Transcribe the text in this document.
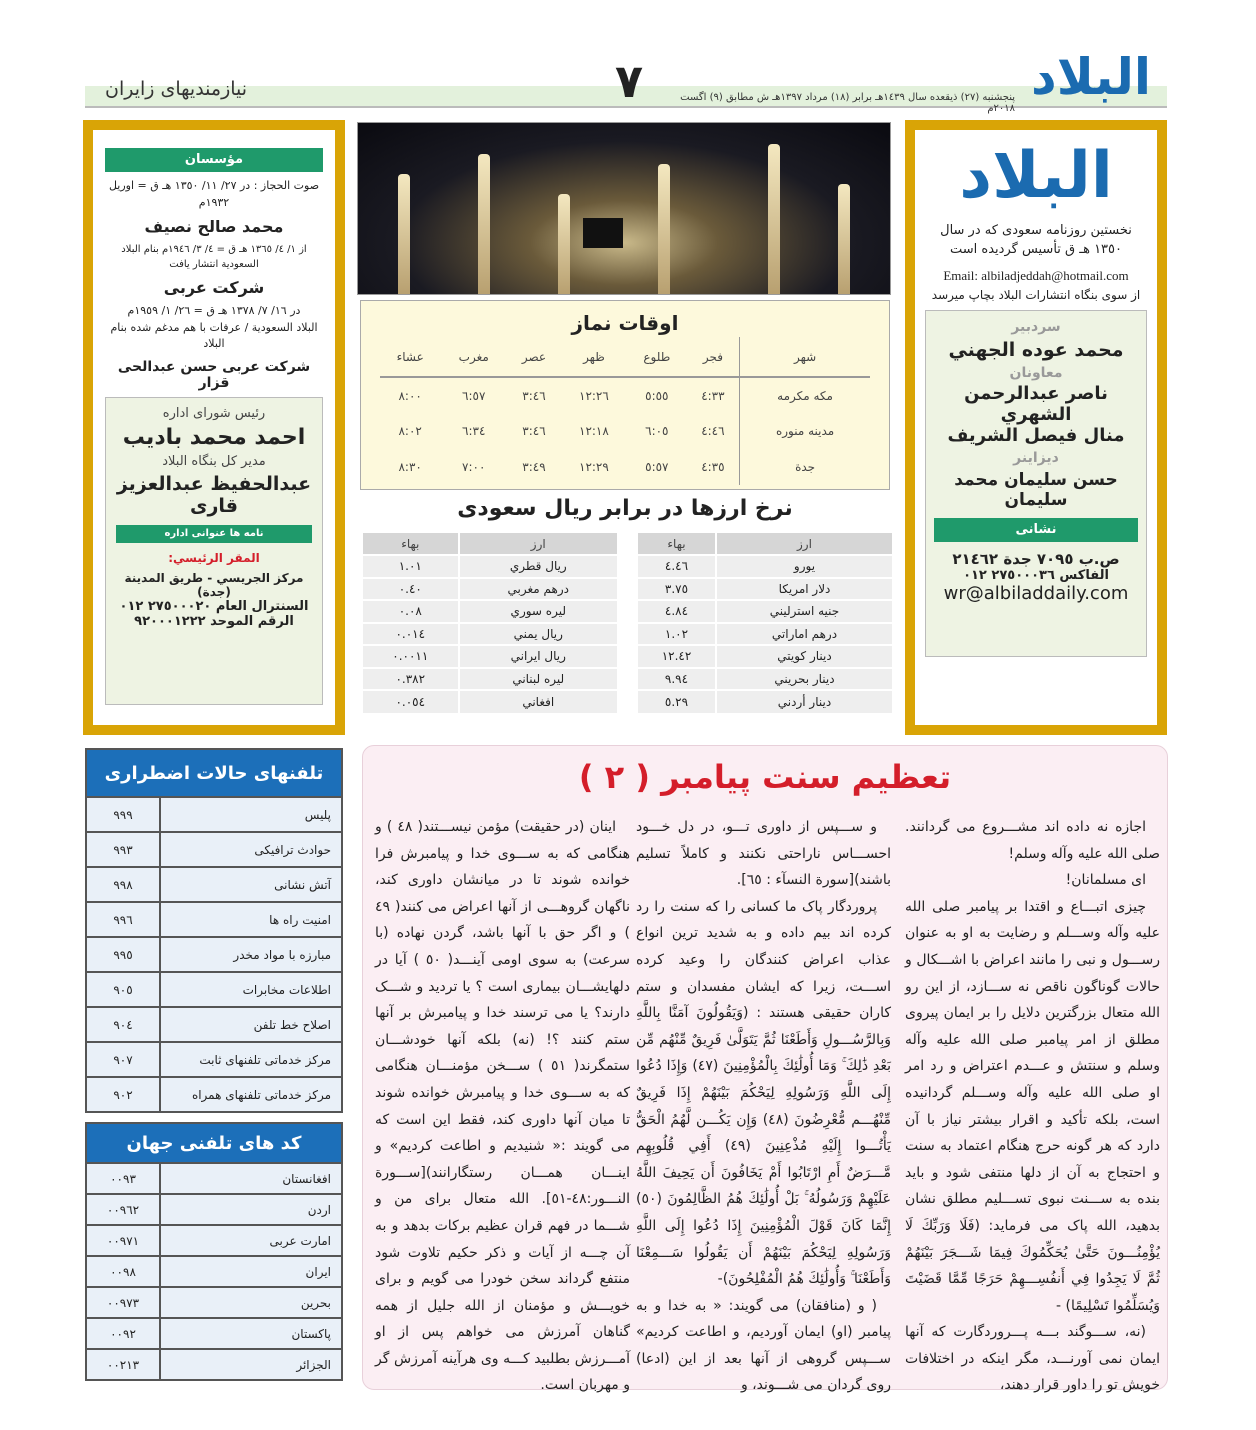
البلاد
پنجشنبه (٢٧) ذیقعده سال ١٤٣٩هـ برابر (١٨) مرداد ١٣٩٧هـ ش مطابق (٩) اگست ٢٠١٨م
٧
نیازمندیهای زایران
مؤسسان
صوت الحجاز : در ٢٧/ ١١/ ١٣٥٠ هـ ق = اوریل ١٩٣٢م
محمد صالح نصيف
از ١/ ٤/ ١٣٦٥ هـ ق = ٤/ ٣/ ١٩٤٦م بنام البلاد السعودية انتشار یافت
شرکت عربی
در ١٦/ ٧/ ١٣٧٨ هـ ق = ٢٦/ ١/ ١٩٥٩م
البلاد السعودية / عرفات با هم مدغم شده بنام البلاد
شرکت عربی حسن عبدالحی قزار
رئیس شورای اداره
احمد محمد باديب
مدیر کل بنگاه البلاد
عبدالحفيظ عبدالعزيز قارى
نامه ها عنوانی اداره
المقر الرئيسي:
مركز الجريسي - طريق المدينة (جدة)
السنترال العام ٢٧٥٠٠٠٢٠ ٠١٢
الرقم الموحد ٩٢٠٠٠١٢٢٢
اوقات نماز
شهر	فجر	طلوع	ظهر	عصر	مغرب	عشاء
مکه مکرمه	٤:٣٣	٥:٥٥	١٢:٢٦	٣:٤٦	٦:٥٧	٨:٠٠
مدینه منوره	٤:٤٦	٦:٠٥	١٢:١٨	٣:٤٦	٦:٣٤	٨:٠٢
جدة	٤:٣٥	٥:٥٧	١٢:٢٩	٣:٤٩	٧:٠٠	٨:٣٠
نرخ ارزها در برابر ریال سعودی
ارز	بهاء
يورو	٤.٤٦
دلار امريكا	٣.٧٥
جنيه استرليني	٤.٨٤
درهم اماراتي	١.٠٢
دينار كويتي	١٢.٤٢
دينار بحريني	٩.٩٤
دينار أردني	٥.٢٩
ارز	بهاء
ريال قطري	١.٠١
درهم مغربي	٠.٤٠
ليره سوري	٠.٠٨
ريال يمني	٠.٠١٤
ريال ايراني	٠.٠٠١١
ليره لبناني	٠.٣٨٢
افغاني	٠.٠٥٤
البلاد
نخستین روزنامه سعودی که در سال
١٣٥٠ هـ ق تأسیس گردیده است
Email: albiladjeddah@hotmail.com
از سوی بنگاه انتشارات البلاد بچاپ میرسد
سردبیر
محمد عوده الجهني
معاونان
ناصر عبدالرحمن الشهري
منال فيصل الشريف
ديزاينر
حسن سليمان محمد سليمان
نشانی
ص.ب ٧٠٩٥ جدة ٢١٤٦٢
الفاكس ٢٧٥٠٠٠٣٦ ٠١٢
wr@albiladdaily.com
تلفنهای حالات اضطراری
پلیس	٩٩٩
حوادث ترافیکی	٩٩٣
آتش نشانی	٩٩٨
امنیت راه ها	٩٩٦
مبارزه با مواد مخدر	٩٩٥
اطلاعات مخابرات	٩٠٥
اصلاح خط تلفن	٩٠٤
مرکز خدماتی تلفنهای ثابت	٩٠٧
مرکز خدماتی تلفنهای همراه	٩٠٢
کد های تلفنی جهان
افغانستان	٠٠٩٣
اردن	٠٠٩٦٢
امارت عربی	٠٠٩٧١
ایران	٠٠٩٨
بحرین	٠٠٩٧٣
پاکستان	٠٠٩٢
الجزائر	٠٠٢١٣
تعظیم سنت پیامبر ( ٢ )

اجازه نه داده اند مشـــروع می گردانند. صلی الله علیه وآله وسلم!

ای مسلمانان!

چیزی اتبـــاع و اقتدا بر پیامبر صلی الله علیه وآله وســـلم و رضایت به او به عنوان رســـول و نبی را مانند اعراض با اشـــکال و حالات گوناگون ناقص نه ســـازد، از این رو الله متعال بزرگترین دلایل را بر ایمان پیروی مطلق از امر پیامبر صلی الله علیه وآله وسلم و سنتش و عـــدم اعتراض و رد امر او صلی الله علیه وآله وســـلم گردانیده است، بلکه تأکید و اقرار بیشتر نیاز با آن دارد که هر گونه حرج هنگام اعتماد به سنت و احتجاج به آن از دلها منتفی شود و باید بنده به ســـنت نبوی تســـلیم مطلق نشان بدهید، الله پاک می فرماید: (فَلَا وَرَبِّكَ لَا يُؤْمِنُـــونَ حَتَّىٰ يُحَكِّمُوكَ فِيمَا شَـــجَرَ بَيْنَهُمْ ثُمَّ لَا يَجِدُوا فِي أَنفُسِـــهِمْ حَرَجًا مِّمَّا قَضَيْتَ وَيُسَلِّمُوا تَسْلِيمًا) -

(نه، ســـوگند بـــه پـــروردگارت که آنها ایمان نمی آورنـــد، مگر اینکه در اختلافات خویش تو را داور قرار دهند،

و ســـپس از داوری تـــو، در دل خـــود احســـاس ناراحتی نکنند و کاملاً تسلیم باشند)[سورة النسآء : ٦٥].

پروردگار پاک ما کسانی را که سنت را رد کرده اند بیم داده و به شدید ترین انواع عذاب اعراض کنندگان را وعید کرده اســـت، زیرا که ایشان مفسدان و ستم کاران حقیقی هستند : (وَيَقُولُونَ آمَنَّا بِاللَّهِ وَبِالرَّسُـــولِ وَأَطَعْنَا ثُمَّ يَتَوَلَّىٰ فَرِيقٌ مِّنْهُم مِّن بَعْدِ ذَٰلِكَ ۚ وَمَا أُولَٰئِكَ بِالْمُؤْمِنِينَ (٤٧) وَإِذَا دُعُوا إِلَى اللَّهِ وَرَسُولِهِ لِيَحْكُمَ بَيْنَهُمْ إِذَا فَرِيقٌ مِّنْهُـــم مُّعْرِضُونَ (٤٨) وَإِن يَكُـــن لَّهُمُ الْحَقُّ يَأْتُـــوا إِلَيْهِ مُذْعِنِينَ (٤٩) أَفِي قُلُوبِهِم مَّـــرَضٌ أَمِ ارْتَابُوا أَمْ يَخَافُونَ أَن يَحِيفَ اللَّهُ عَلَيْهِمْ وَرَسُولُهُ ۚ بَلْ أُولَٰئِكَ هُمُ الظَّالِمُونَ (٥٠) إِنَّمَا كَانَ قَوْلَ الْمُؤْمِنِينَ إِذَا دُعُوا إِلَى اللَّهِ وَرَسُولِهِ لِيَحْكُمَ بَيْنَهُمْ أَن يَقُولُوا سَـــمِعْنَا وَأَطَعْنَا ۚ وَأُولَٰئِكَ هُمُ الْمُفْلِحُونَ)-

( و (منافقان) می گویند: « به خدا و به پیامبر (او) ایمان آوردیم، و اطاعت کردیم» ســـپس گروهی از آنها بعد از این (ادعا) روی گردان می شـــوند، و

اینان (در حقیقت) مؤمن نیســـتند( ٤٨ ) و هنگامی که به ســـوی خدا و پیامبرش فرا خوانده شوند تا در میانشان داوری کند، ناگهان گروهـــی از آنها اعراض می کنند( ٤٩ ) و اگر حق با آنها باشد، گردن نهاده (با سرعت) به سوی اومی آینـــد( ٥٠ ) آیا در دلهایشـــان بیماری است ؟ یا تردید و شـــک دارند؟ یا می ترسند خدا و پیامبرش بر آنها ستم کنند ؟! (نه) بلکه آنها خودشـــان ستمگرند( ٥١ ) ســـخن مؤمنـــان هنگامی که به ســـوی خدا و پیامبرش خوانده شوند تا میان آنها داوری کند، فقط این است که می گویند :« شنیدیم و اطاعت کردیم» و اینـــان همـــان رستگارانند)[ســـورة النـــور:٤٨-٥١]. الله متعال برای من و شـــما در فهم قران عظیم برکات بدهد و به آن چـــه از آیات و ذکر حکیم تلاوت شود منتفع گرداند سخن خودرا می گویم و برای خویـــش و مؤمنان از الله جلیل از همه گناهان آمرزش می خواهم پس از او آمـــرزش بطلبید کـــه وی هرآینه آمرزش گر و مهربان است.
